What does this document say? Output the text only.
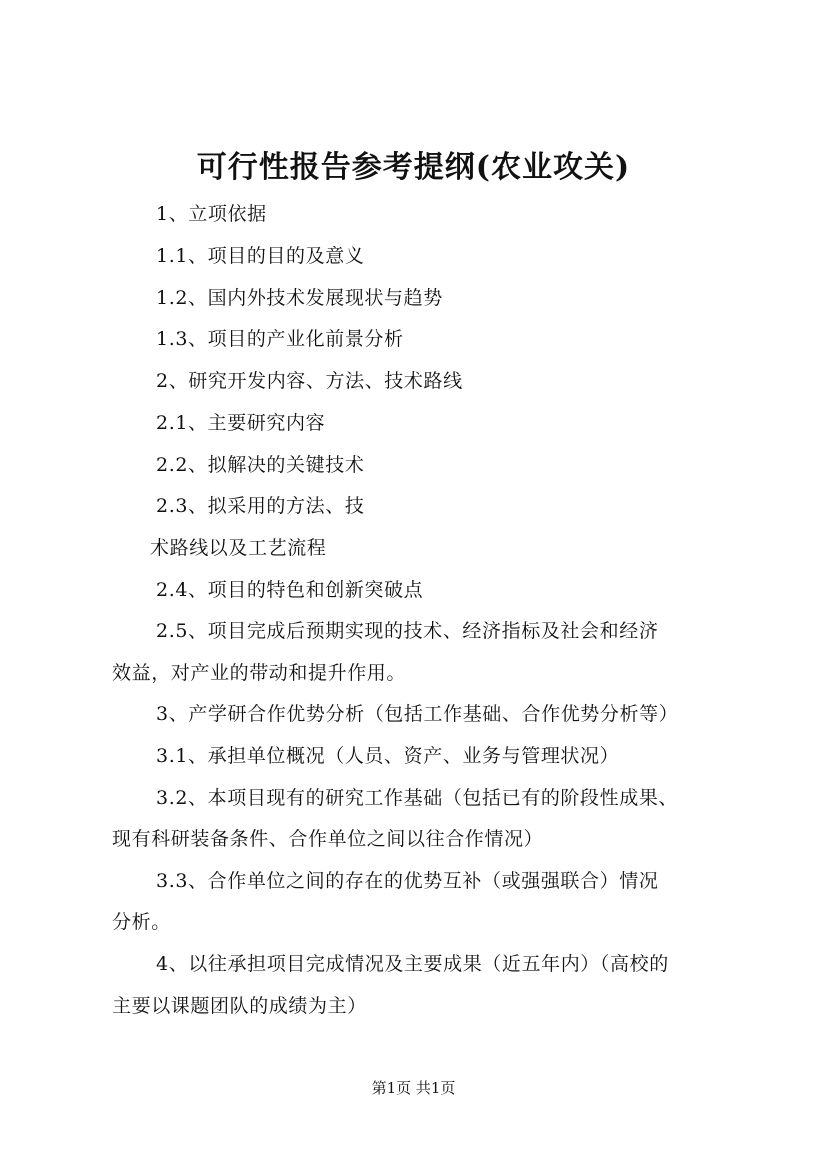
可行性报告参考提纲(农业攻关)
1、立项依据
1.1、项目的目的及意义
1.2、国内外技术发展现状与趋势
1.3、项目的产业化前景分析
2、研究开发内容、方法、技术路线
2.1、主要研究内容
2.2、拟解决的关键技术
2.3、拟采用的方法、技
术路线以及工艺流程
2.4、项目的特色和创新突破点
2.5、项目完成后预期实现的技术、经济指标及社会和经济
效益，对产业的带动和提升作用。
3、产学研合作优势分析（包括工作基础、合作优势分析等）
3.1、承担单位概况（人员、资产、业务与管理状况）
3.2、本项目现有的研究工作基础（包括已有的阶段性成果、
现有科研装备条件、合作单位之间以往合作情况）
3.3、合作单位之间的存在的优势互补（或强强联合）情况
分析。
4、以往承担项目完成情况及主要成果（近五年内）（高校的
主要以课题团队的成绩为主）
第1页 共1页
